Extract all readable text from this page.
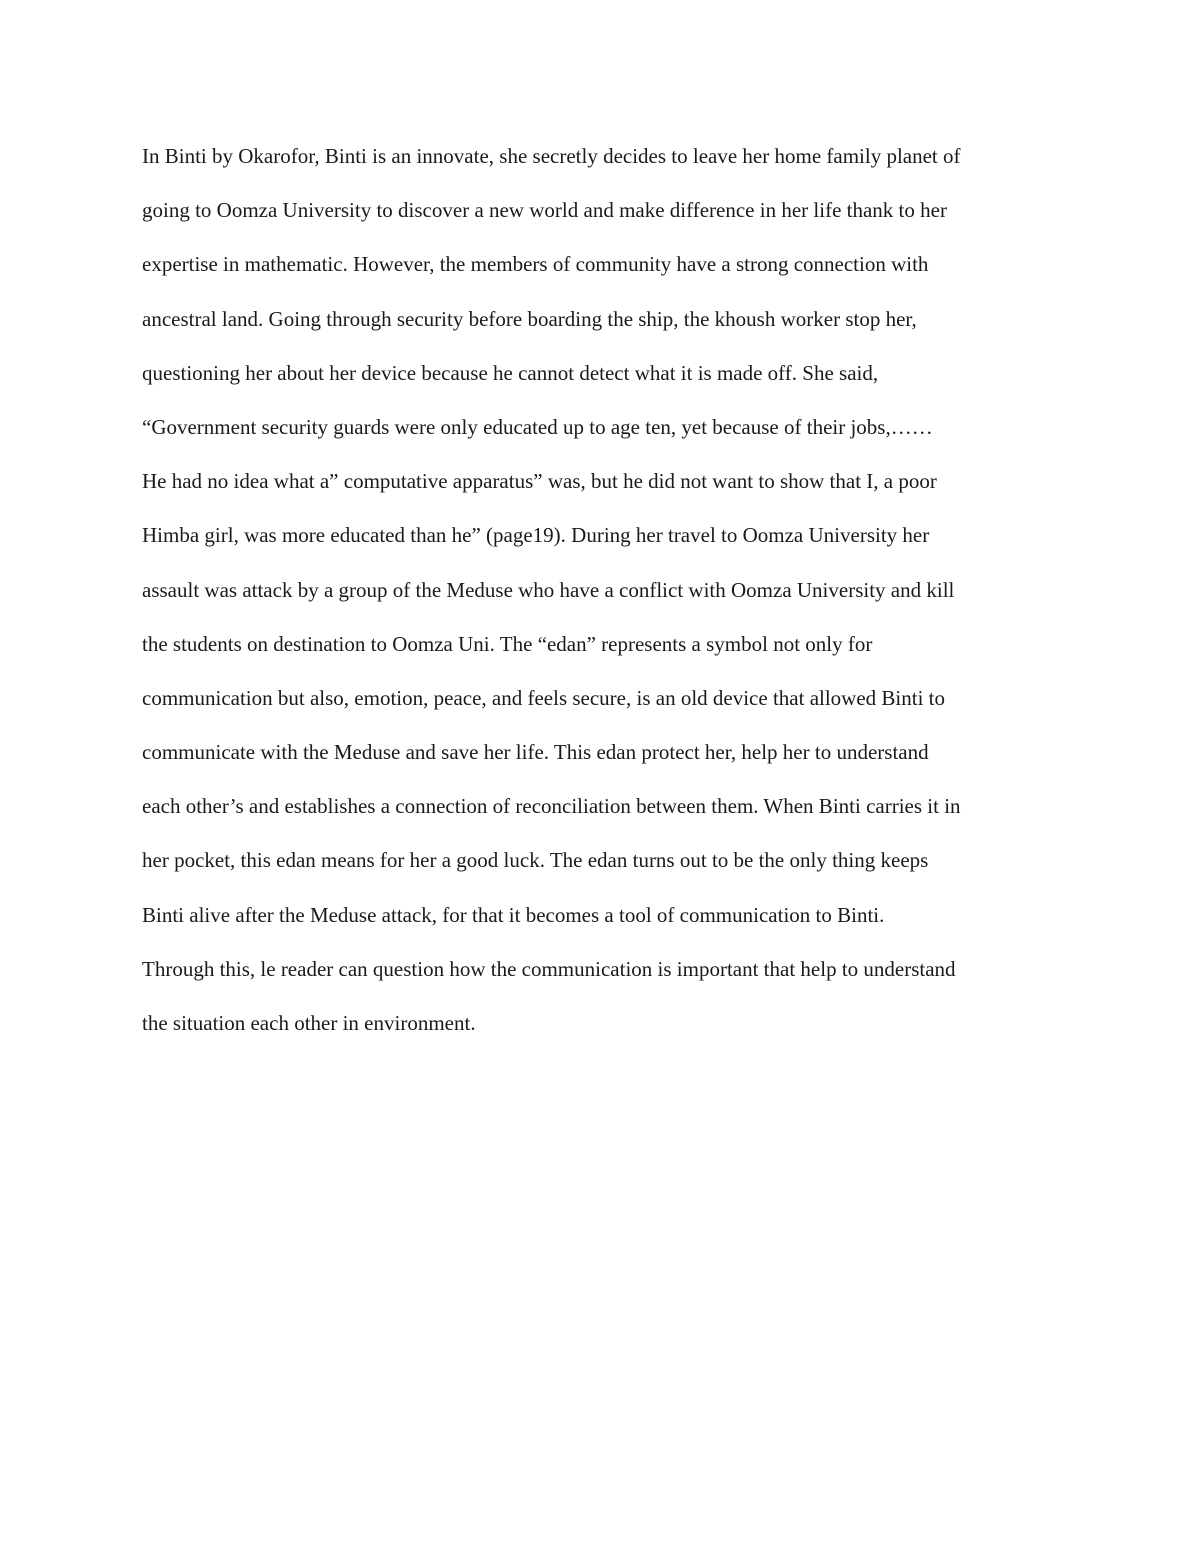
In Binti by Okarofor, Binti is an innovate, she secretly decides to leave her home family planet of
going to Oomza University to discover a new world and make difference in her life thank to her
expertise in mathematic. However, the members of community have a strong connection with
ancestral land. Going through security before boarding the ship, the khoush worker stop her,
questioning her about her device because he cannot detect what it is made off. She said,
“Government security guards were only educated up to age ten, yet because of their jobs,……
He had no idea what a” computative apparatus” was, but he did not want to show that I, a poor
Himba girl, was more educated than he” (page19). During her travel to Oomza University her
assault was attack by a group of the Meduse who have a conflict with Oomza University and kill
the students on destination to Oomza Uni. The “edan” represents a symbol not only for
communication but also, emotion, peace, and feels secure, is an old device that allowed Binti to
communicate with the Meduse and save her life. This edan protect her, help her to understand
each other’s and establishes a connection of reconciliation between them. When Binti carries it in
her pocket, this edan means for her a good luck. The edan turns out to be the only thing keeps
Binti alive after the Meduse attack, for that it becomes a tool of communication to Binti.
Through this, le reader can question how the communication is important that help to understand
the situation each other in environment.
